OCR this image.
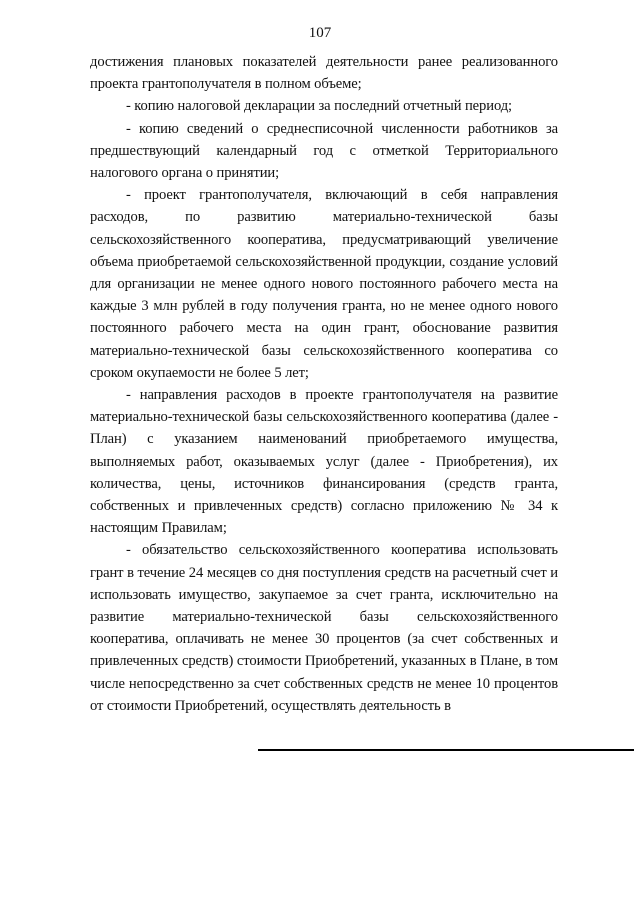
107

достижения плановых показателей деятельности ранее реализованного проекта грантополучателя в полном объеме;

- копию налоговой декларации за последний отчетный период;

- копию сведений о среднесписочной численности работников за предшествующий календарный год с отметкой Территориального налогового органа о принятии;

- проект грантополучателя, включающий в себя направления расходов, по развитию материально-технической базы сельскохозяйственного кооператива, предусматривающий увеличение объема приобретаемой сельскохозяйственной продукции, создание условий для организации не менее одного нового постоянного рабочего места на каждые 3 млн рублей в году получения гранта, но не менее одного нового постоянного рабочего места на один грант, обоснование развития материально-технической базы сельскохозяйственного кооператива со сроком окупаемости не более 5 лет;

- направления расходов в проекте грантополучателя на развитие материально-технической базы сельскохозяйственного кооператива (далее - План) с указанием наименований приобретаемого имущества, выполняемых работ, оказываемых услуг (далее - Приобретения), их количества, цены, источников финансирования (средств гранта, собственных и привлеченных средств) согласно приложению № 34 к настоящим Правилам;

- обязательство сельскохозяйственного кооператива использовать грант в течение 24 месяцев со дня поступления средств на расчетный счет и использовать имущество, закупаемое за счет гранта, исключительно на развитие материально-технической базы сельскохозяйственного кооператива, оплачивать не менее 30 процентов (за счет собственных и привлеченных средств) стоимости Приобретений, указанных в Плане, в том числе непосредственно за счет собственных средств не менее 10 процентов от стоимости Приобретений, осуществлять деятельность в
